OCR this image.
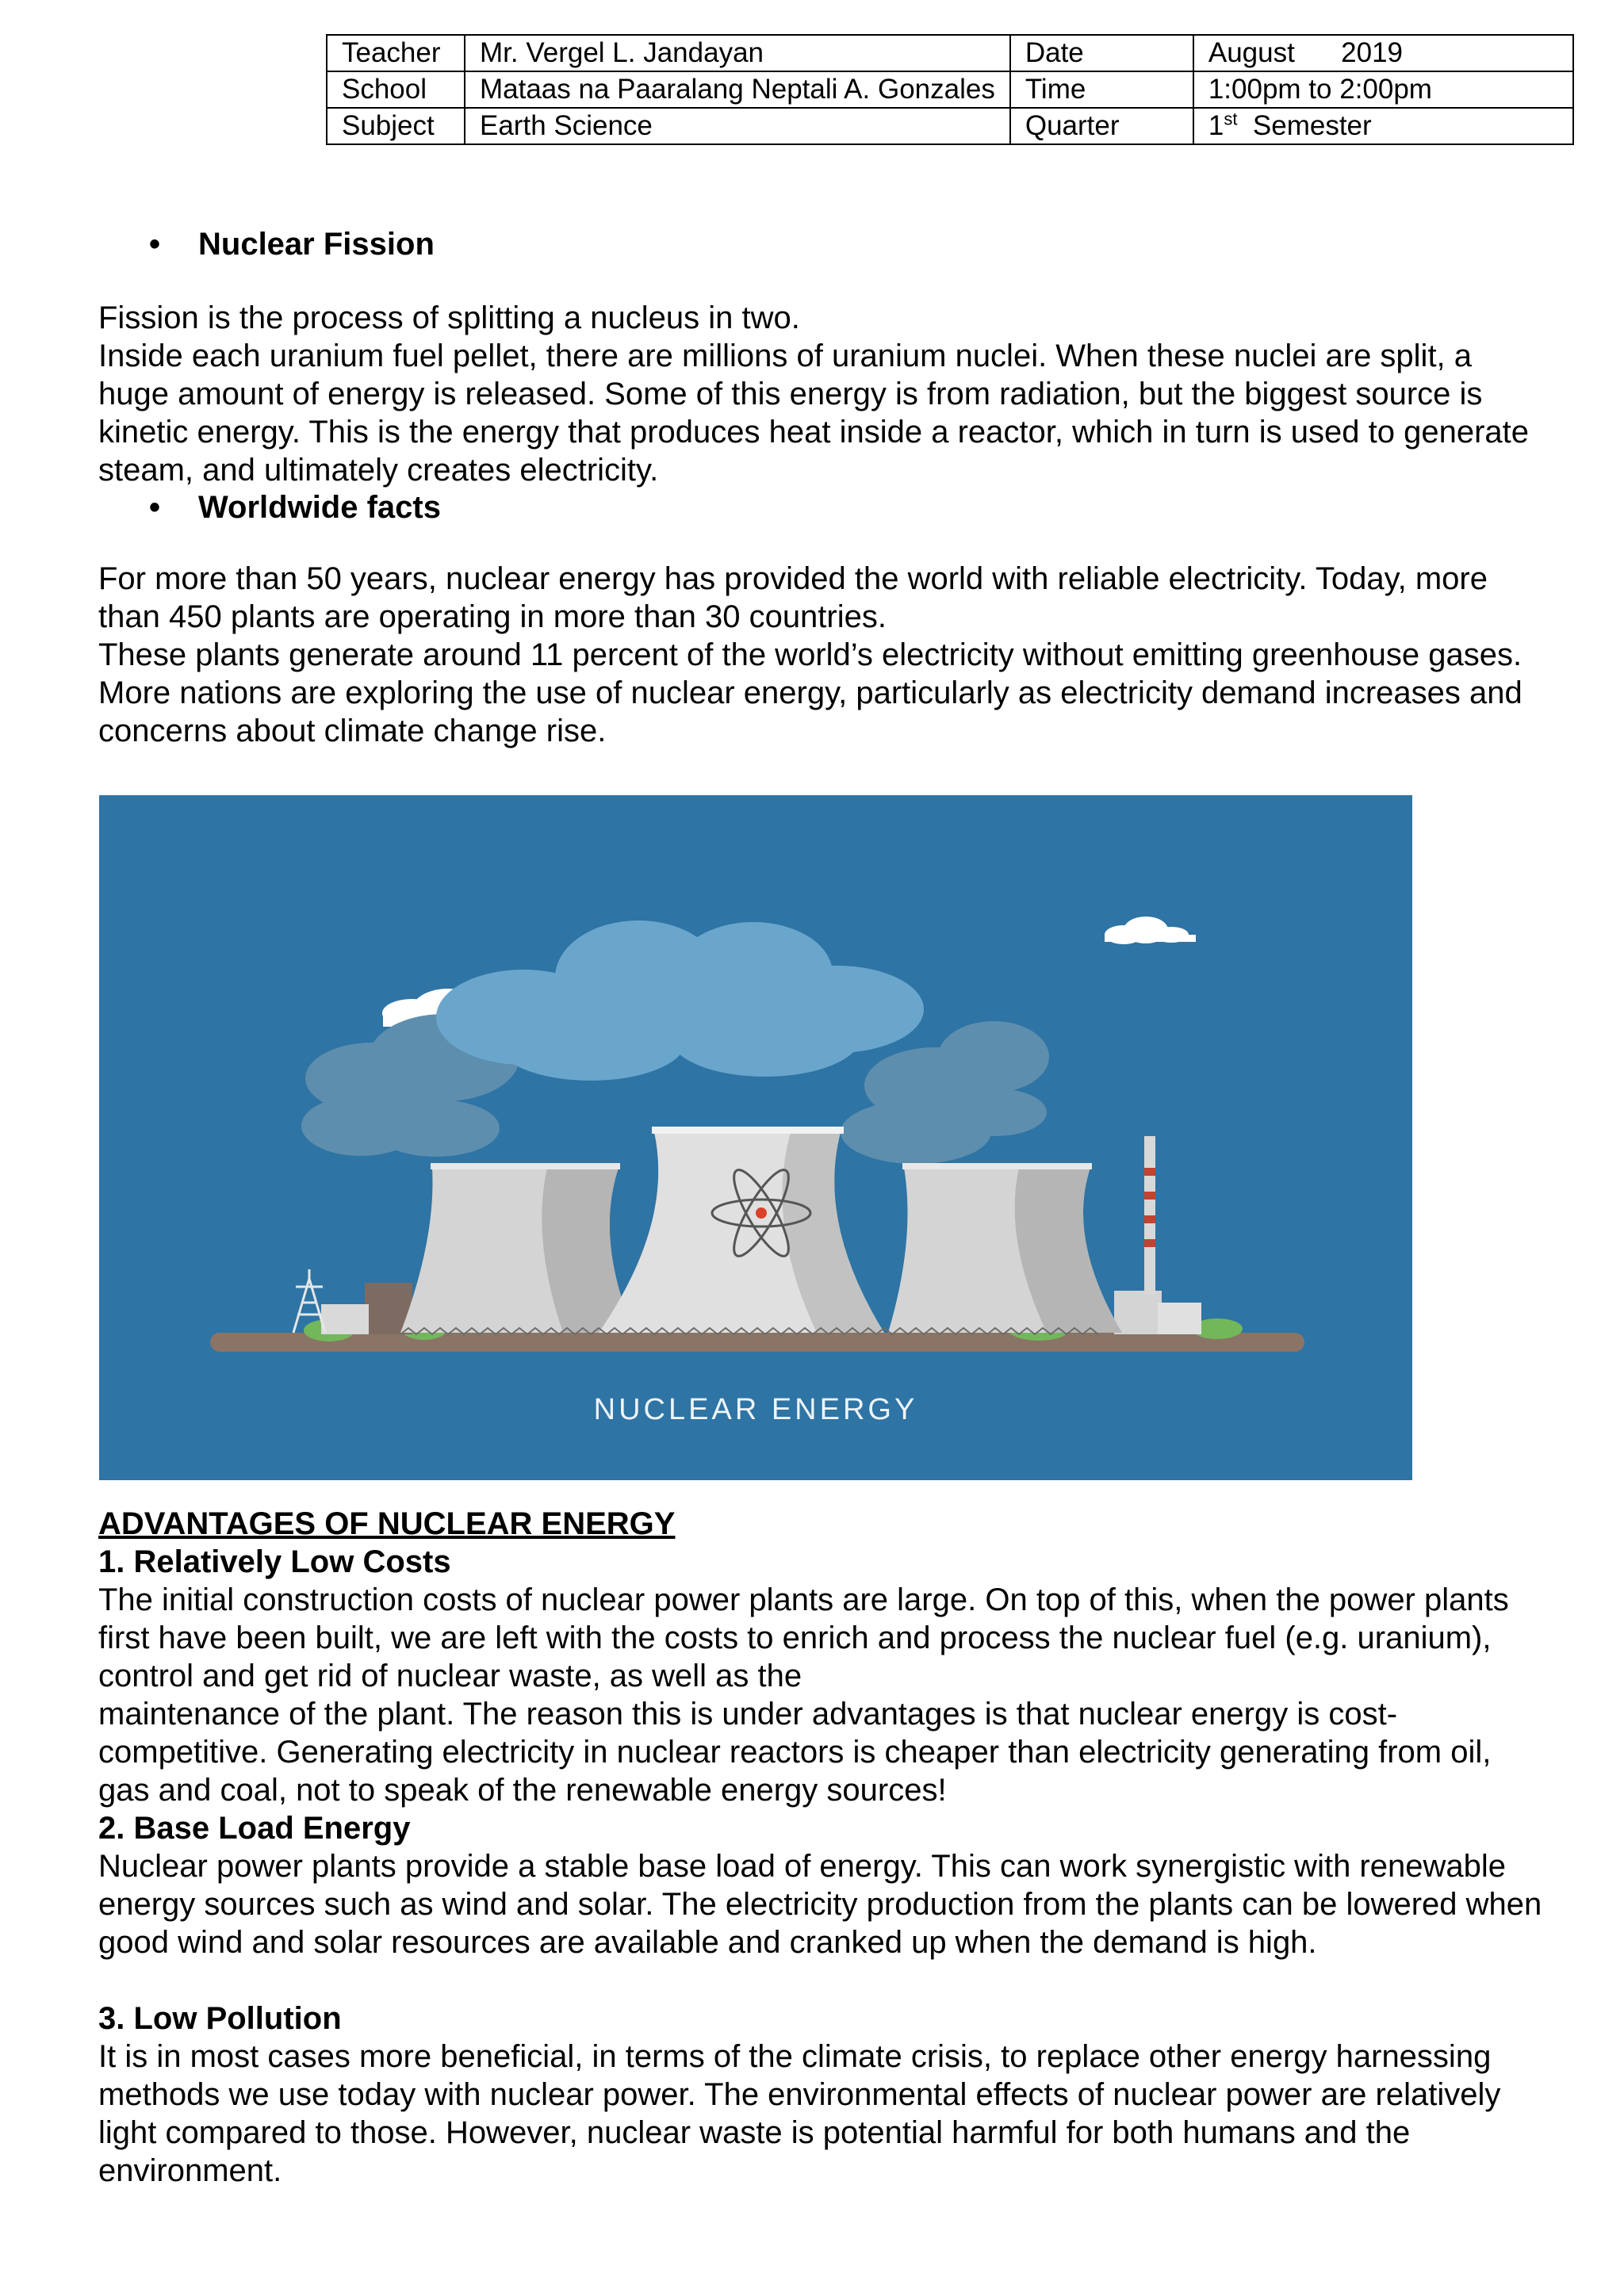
Teacher	Mr. Vergel L. Jandayan	Date	August      2019
School	Mataas na Paaralang Neptali A. Gonzales	Time	1:00pm to 2:00pm
Subject	Earth Science	Quarter	1st  Semester
• Nuclear Fission

Fission is the process of splitting a nucleus in two.

Inside each uranium fuel pellet, there are millions of uranium nuclei. When these nuclei are split, a huge amount of energy is released. Some of this energy is from radiation, but the biggest source is kinetic energy. This is the energy that produces heat inside a reactor, which in turn is used to generate steam, and ultimately creates electricity.

• Worldwide facts

For more than 50 years, nuclear energy has provided the world with reliable electricity. Today, more than 450 plants are operating in more than 30 countries.

These plants generate around 11 percent of the world’s electricity without emitting greenhouse gases. More nations are exploring the use of nuclear energy, particularly as electricity demand increases and concerns about climate change rise.

NUCLEAR ENERGY
ADVANTAGES OF NUCLEAR ENERGY
1. Relatively Low Costs

The initial construction costs of nuclear power plants are large. On top of this, when the power plants first have been built, we are left with the costs to enrich and process the nuclear fuel (e.g. uranium), control and get rid of nuclear waste, as well as the

maintenance of the plant. The reason this is under advantages is that nuclear energy is cost-competitive. Generating electricity in nuclear reactors is cheaper than electricity generating from oil, gas and coal, not to speak of the renewable energy sources!

2. Base Load Energy

Nuclear power plants provide a stable base load of energy. This can work synergistic with renewable energy sources such as wind and solar. The electricity production from the plants can be lowered when good wind and solar resources are available and cranked up when the demand is high.

3. Low Pollution

It is in most cases more beneficial, in terms of the climate crisis, to replace other energy harnessing methods we use today with nuclear power. The environmental effects of nuclear power are relatively light compared to those. However, nuclear waste is potential harmful for both humans and the environment.
